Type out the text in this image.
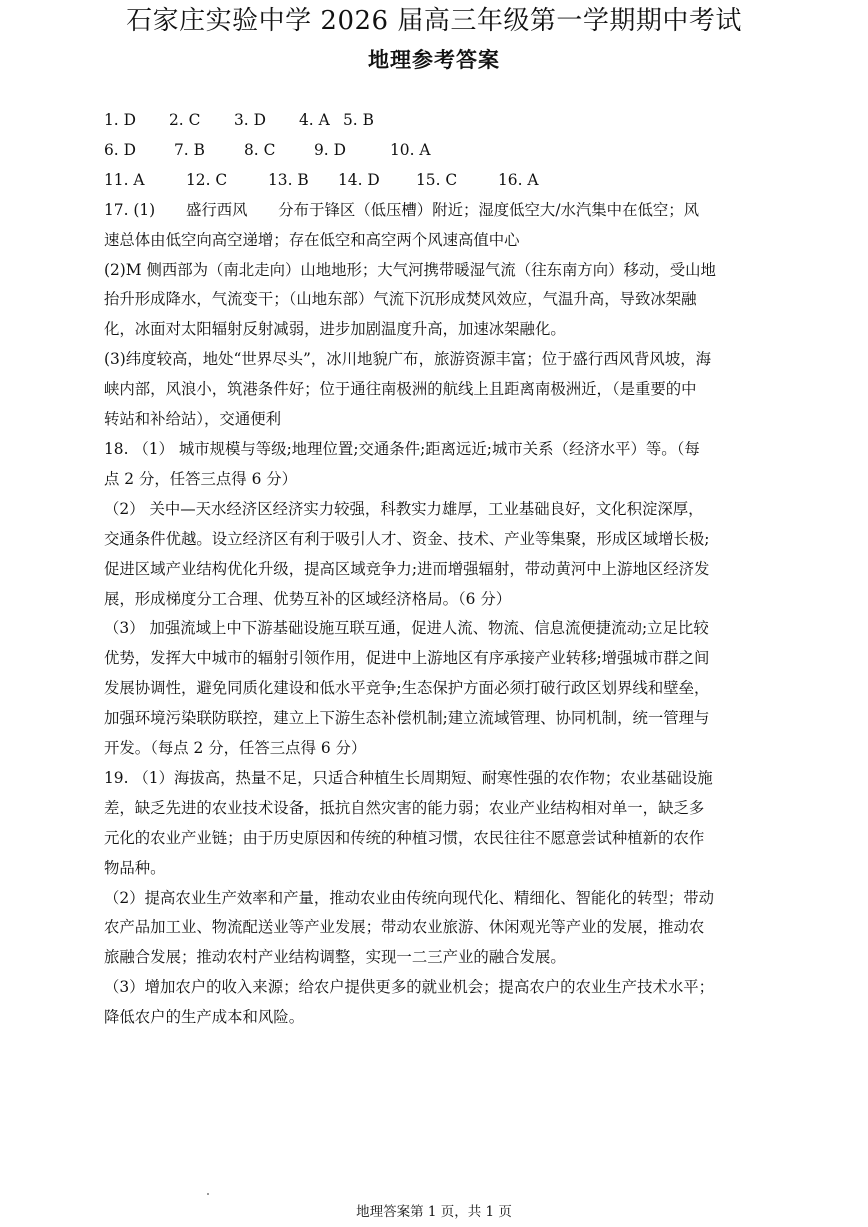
石家庄实验中学 2026 届高三年级第一学期期中考试
地理参考答案
1. D 2. C 3. D 4. A 5. B
6. D 7. B	8. C	9. D	10. A
11. A	12. C	13. B 14. D 15. C	16. A
17. (1)　　盛行西风　　分布于锋区（低压槽）附近；湿度低空大/水汽集中在低空；风
速总体由低空向高空递增；存在低空和高空两个风速高值中心
(2)M 侧西部为（南北走向）山地地形；大气河携带暖湿气流（往东南方向）移动，受山地
抬升形成降水，气流变干；（山地东部）气流下沉形成焚风效应，气温升高，导致冰架融
化，冰面对太阳辐射反射减弱，进步加剧温度升高，加速冰架融化。
(3)纬度较高，地处“世界尽头”，冰川地貌广布，旅游资源丰富；位于盛行西风背风坡，海
峡内部，风浪小，筑港条件好；位于通往南极洲的航线上且距离南极洲近，（是重要的中
转站和补给站），交通便利
18. （1） 城市规模与等级;地理位置;交通条件;距离远近;城市关系（经济水平）等。（每
点 2 分，任答三点得 6 分）
（2） 关中—天水经济区经济实力较强，科教实力雄厚，工业基础良好，文化积淀深厚，
交通条件优越。设立经济区有利于吸引人才、资金、技术、产业等集聚，形成区域增长极;
促进区域产业结构优化升级，提高区域竞争力;进而增强辐射，带动黄河中上游地区经济发
展，形成梯度分工合理、优势互补的区域经济格局。（6 分）
（3） 加强流域上中下游基础设施互联互通，促进人流、物流、信息流便捷流动;立足比较
优势，发挥大中城市的辐射引领作用，促进中上游地区有序承接产业转移;增强城市群之间
发展协调性，避免同质化建设和低水平竞争;生态保护方面必须打破行政区划界线和壁垒，
加强环境污染联防联控，建立上下游生态补偿机制;建立流域管理、协同机制，统一管理与
开发。（每点 2 分，任答三点得 6 分）
19. （1）海拔高，热量不足，只适合种植生长周期短、耐寒性强的农作物；农业基础设施
差，缺乏先进的农业技术设备，抵抗自然灾害的能力弱；农业产业结构相对单一，缺乏多
元化的农业产业链；由于历史原因和传统的种植习惯，农民往往不愿意尝试种植新的农作
物品种。
（2）提高农业生产效率和产量，推动农业由传统向现代化、精细化、智能化的转型；带动
农产品加工业、物流配送业等产业发展；带动农业旅游、休闲观光等产业的发展，推动农
旅融合发展；推动农村产业结构调整，实现一二三产业的融合发展。
（3）增加农户的收入来源；给农户提供更多的就业机会；提高农户的农业生产技术水平；
降低农户的生产成本和风险。
地理答案第 1 页，共 1 页
